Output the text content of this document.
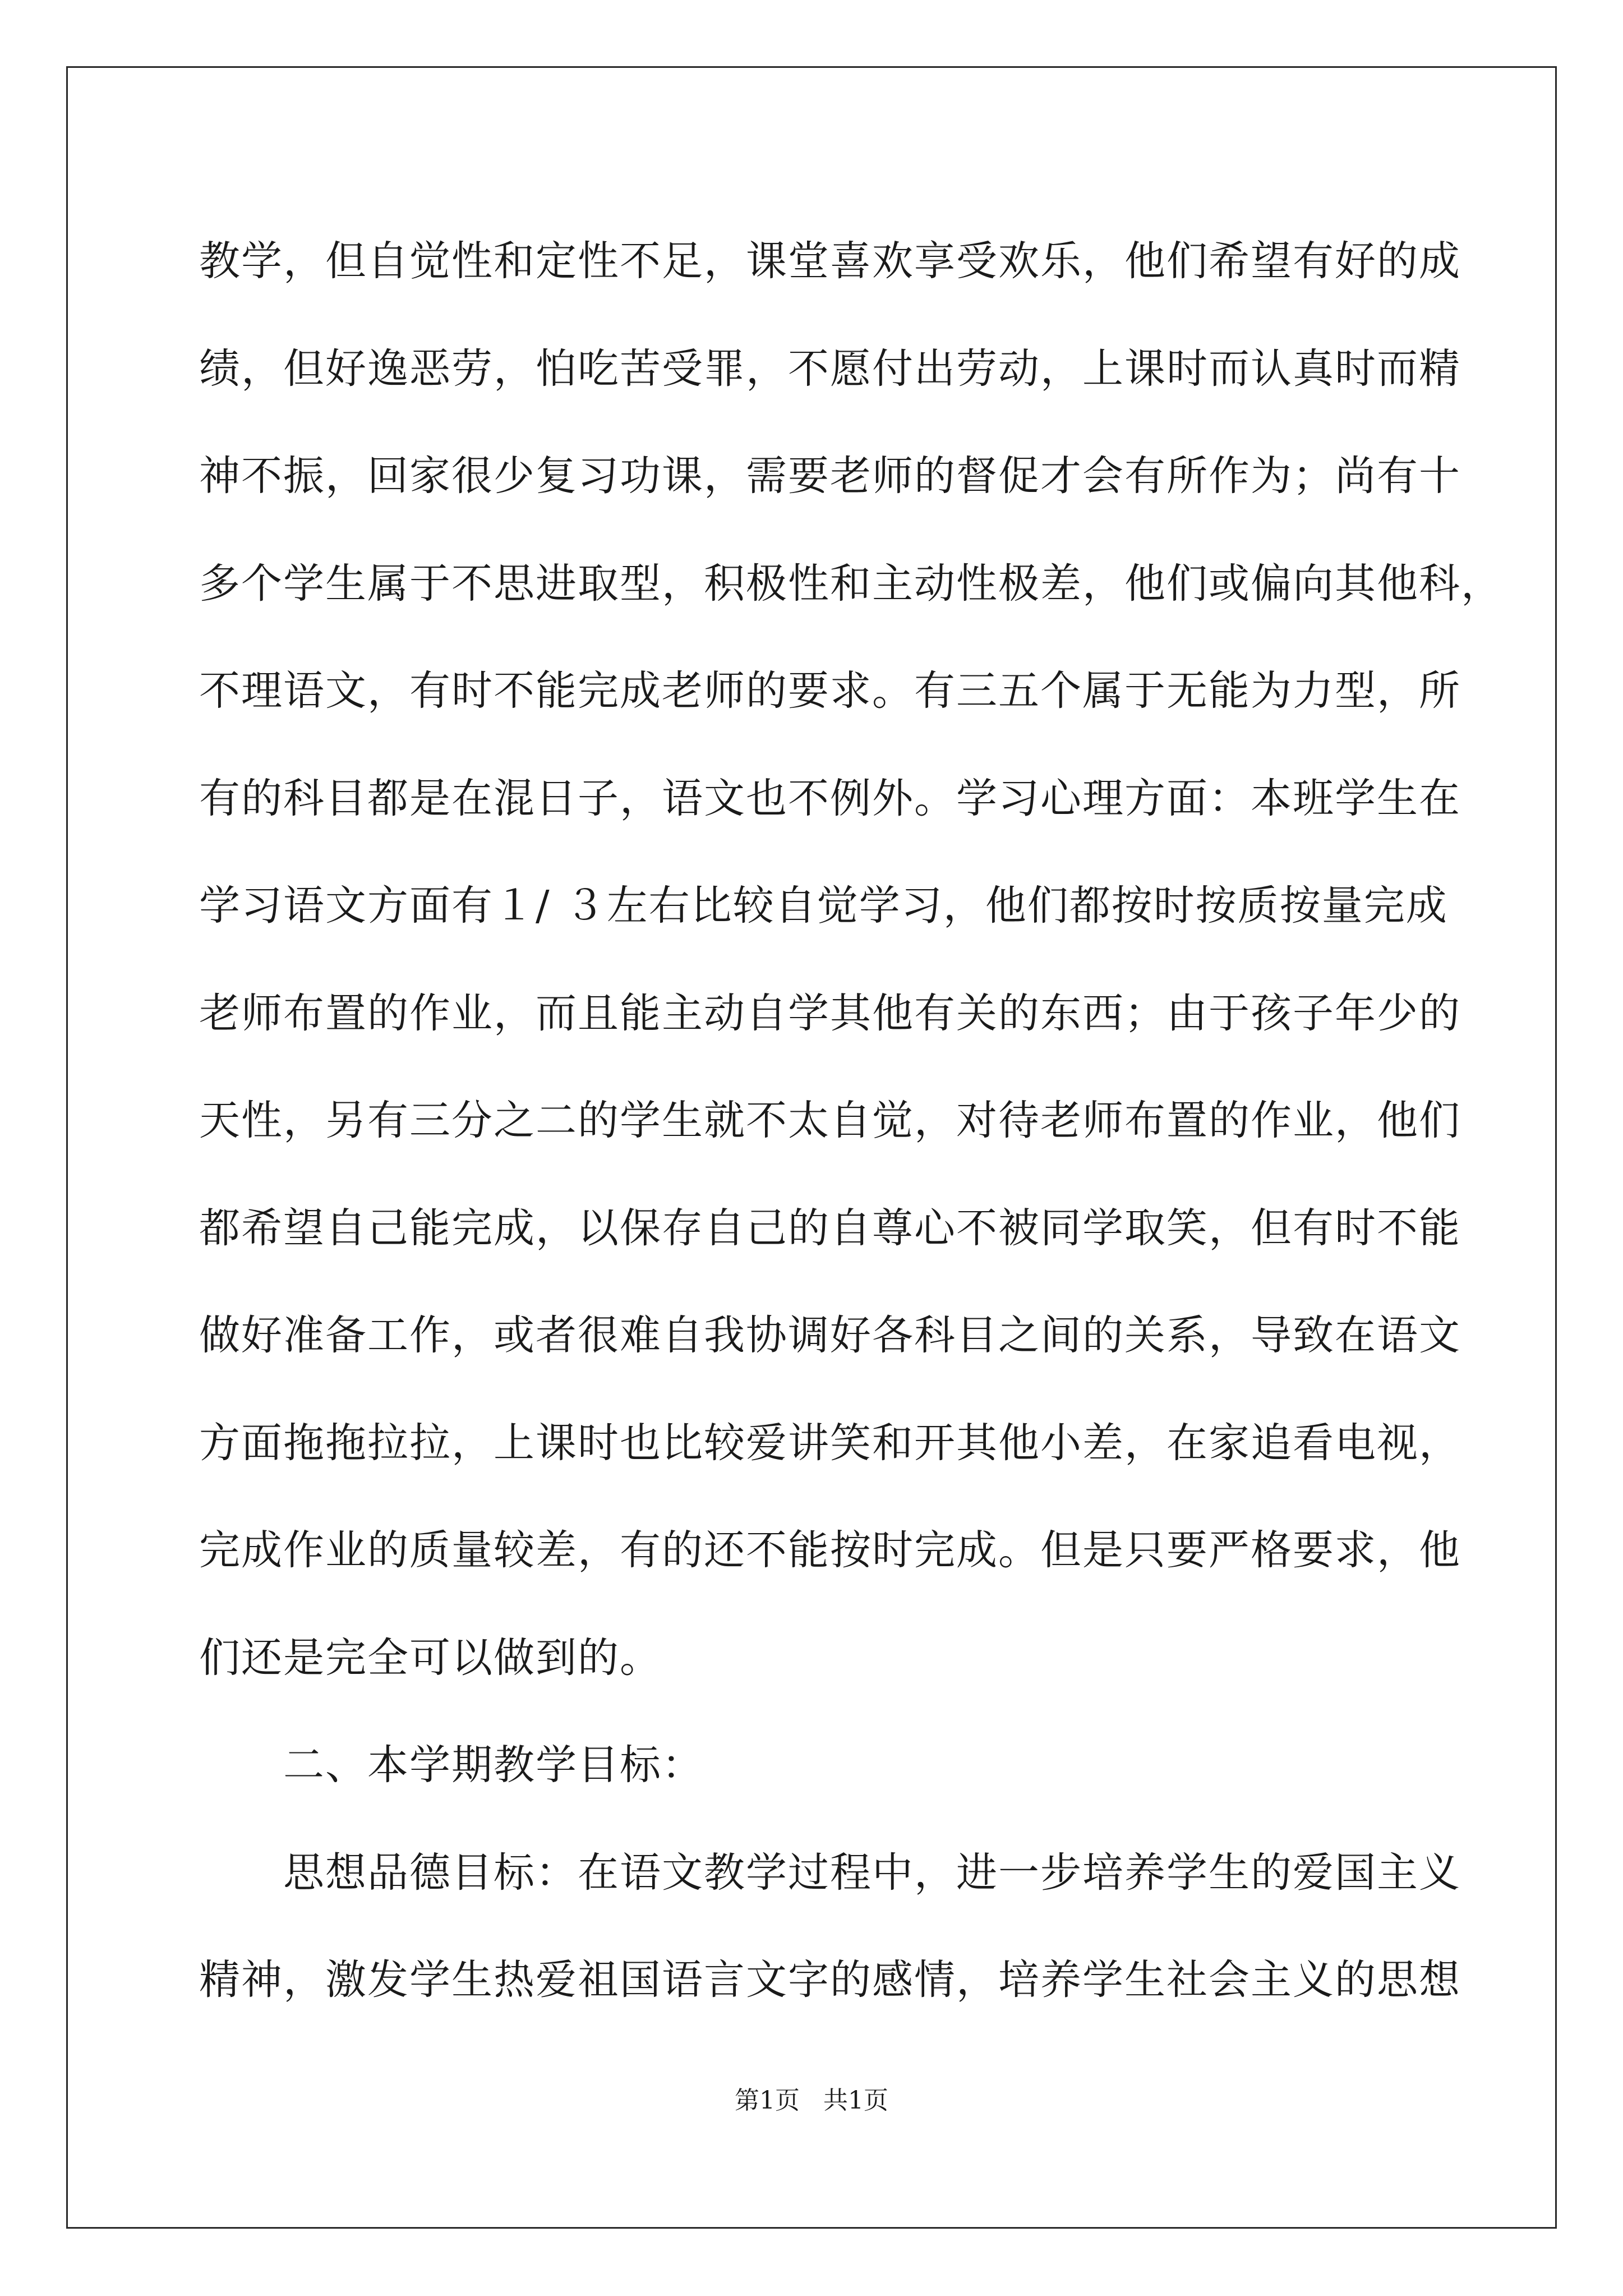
教学，但自觉性和定性不足，课堂喜欢享受欢乐，他们希望有好的成
绩，但好逸恶劳，怕吃苦受罪，不愿付出劳动，上课时而认真时而精
神不振，回家很少复习功课，需要老师的督促才会有所作为；尚有十
多个学生属于不思进取型，积极性和主动性极差，他们或偏向其他科，
不理语文，有时不能完成老师的要求。有三五个属于无能为力型，所
有的科目都是在混日子，语文也不例外。学习心理方面：本班学生在
学习语文方面有１/ ３左右比较自觉学习，他们都按时按质按量完成
老师布置的作业，而且能主动自学其他有关的东西；由于孩子年少的
天性，另有三分之二的学生就不太自觉，对待老师布置的作业，他们
都希望自己能完成，以保存自己的自尊心不被同学取笑，但有时不能
做好准备工作，或者很难自我协调好各科目之间的关系，导致在语文
方面拖拖拉拉，上课时也比较爱讲笑和开其他小差，在家追看电视，
完成作业的质量较差，有的还不能按时完成。但是只要严格要求，他
们还是完全可以做到的。
二、本学期教学目标：
思想品德目标：在语文教学过程中，进一步培养学生的爱国主义
精神，激发学生热爱祖国语言文字的感情，培养学生社会主义的思想
第1页   共1页
